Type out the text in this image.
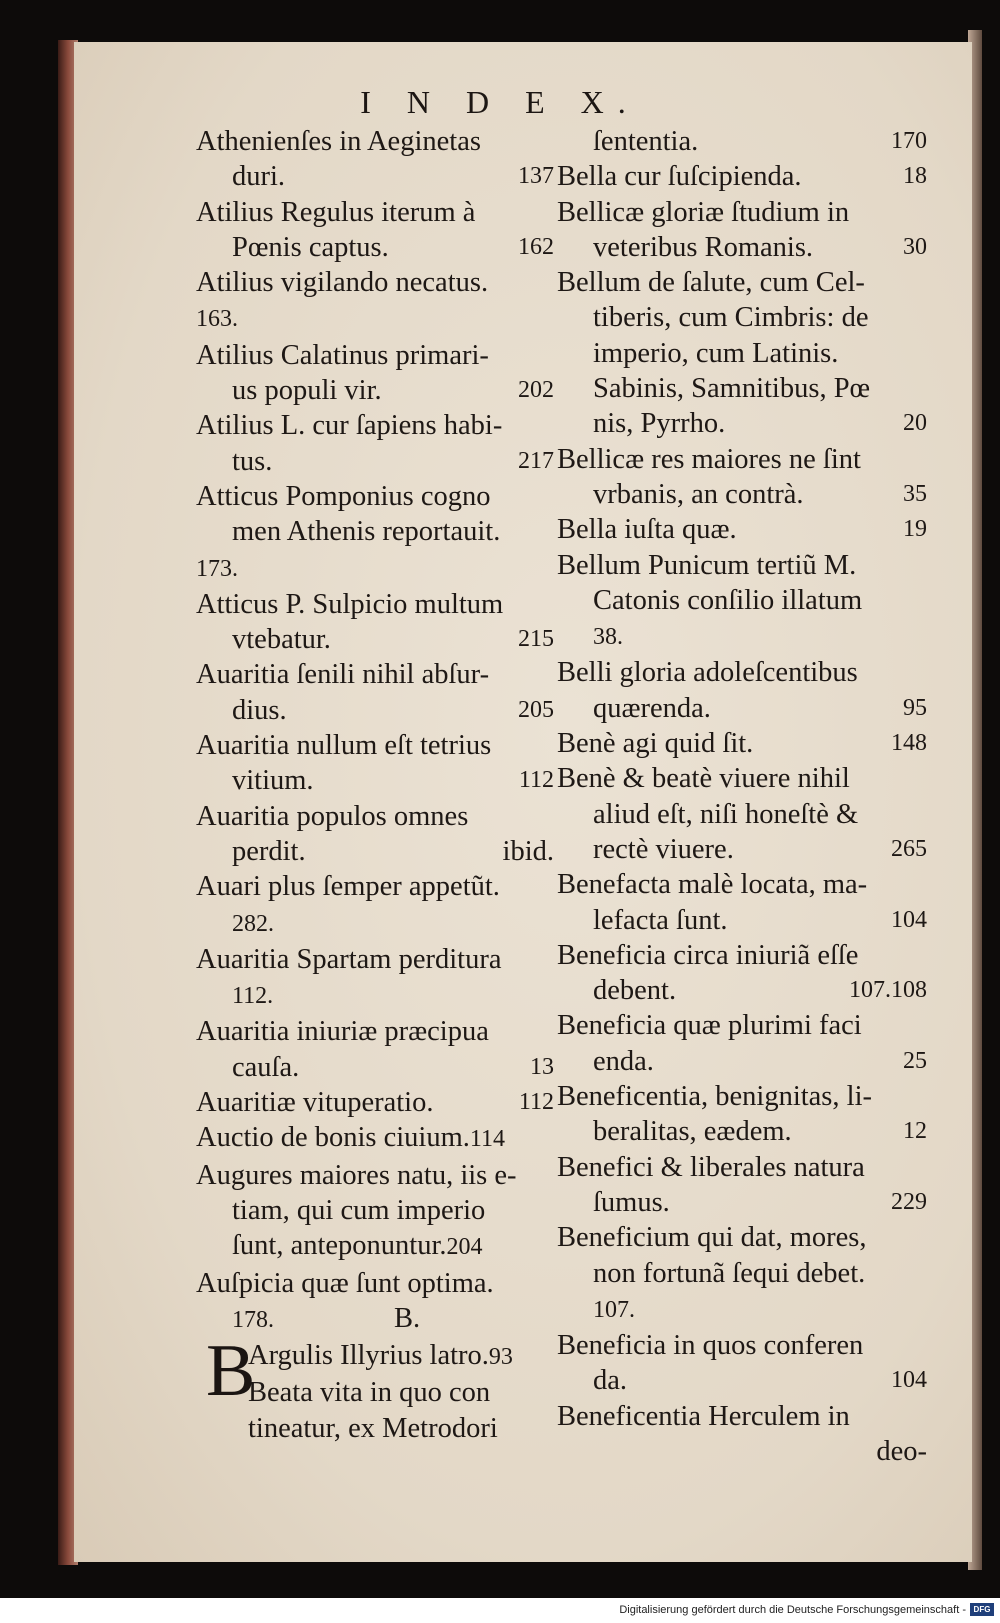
I N D E X.
Athenienſes in Aeginetas
duri.	137
Atilius Regulus iterum à
Pœnis captus.	162
Atilius vigilando necatus.
163.
Atilius Calatinus primari-
us populi vir.	202
Atilius L. cur ſapiens habi-
tus.	217
Atticus Pomponius cogno
men Athenis reportauit.
173.
Atticus P. Sulpicio multum
vtebatur.	215
Auaritia ſenili nihil abſur-
dius.	205
Auaritia nullum eſt tetrius
vitium.	112
Auaritia populos omnes
perdit.	ibid.
Auari plus ſemper appetũt.
282.
Auaritia Spartam perditura
112.
Auaritia iniuriæ præcipua
cauſa.	13
Auaritiæ vituperatio.	112
Auctio de bonis ciuium.114
Augures maiores natu, iis e-
tiam, qui cum imperio
ſunt, anteponuntur.204
Auſpicia quæ ſunt optima.
178.	B.
B
Argulis Illyrius latro.93
Beata vita in quo con
tineatur, ex Metrodori
ſententia.	170
Bella cur ſuſcipienda.	18
Bellicæ gloriæ ſtudium in
veteribus Romanis.	30
Bellum de ſalute, cum Cel-
tiberis, cum Cimbris: de
imperio, cum Latinis.
Sabinis, Samnitibus, Pœ
nis, Pyrrho.	20
Bellicæ res maiores ne ſint
vrbanis, an contrà.	35
Bella iuſta quæ.	19
Bellum Punicum tertiũ M.
Catonis conſilio illatum
38.
Belli gloria adoleſcentibus
quærenda.	95
Benè agi quid ſit.	148
Benè & beatè viuere nihil
aliud eſt, niſi honeſtè &
rectè viuere.	265
Benefacta malè locata, ma-
lefacta ſunt.	104
Beneficia circa iniuriã eſſe
debent.	107.108
Beneficia quæ plurimi faci
enda.	25
Beneficentia, benignitas, li-
beralitas, eædem.	12
Benefici & liberales natura
ſumus.	229
Beneficium qui dat, mores,
non fortunã ſequi debet.
107.
Beneficia in quos conferen
da.	104
Beneficentia Herculem in
deo-
Digitalisierung gefördert durch die Deutsche Forschungsgemeinschaft - DFG
